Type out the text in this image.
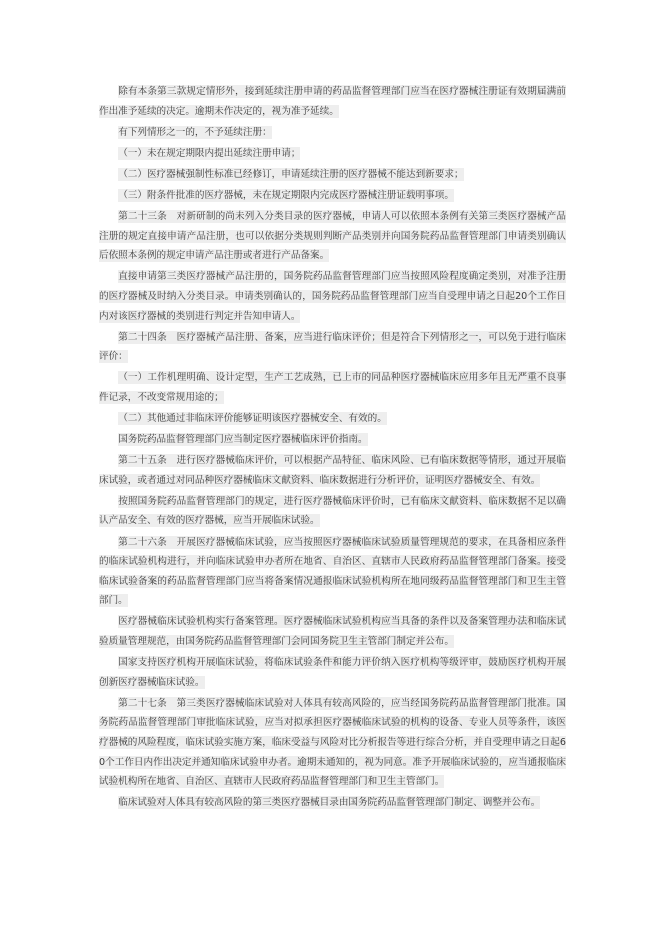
除有本条第三款规定情形外，接到延续注册申请的药品监督管理部门应当在医疗器械注册证有效期届满前作出准予延续的决定。逾期未作决定的，视为准予延续。

有下列情形之一的，不予延续注册：

（一）未在规定期限内提出延续注册申请；

（二）医疗器械强制性标准已经修订，申请延续注册的医疗器械不能达到新要求；

（三）附条件批准的医疗器械，未在规定期限内完成医疗器械注册证载明事项。

第二十三条　对新研制的尚未列入分类目录的医疗器械，申请人可以依照本条例有关第三类医疗器械产品注册的规定直接申请产品注册，也可以依据分类规则判断产品类别并向国务院药品监督管理部门申请类别确认后依照本条例的规定申请产品注册或者进行产品备案。

直接申请第三类医疗器械产品注册的，国务院药品监督管理部门应当按照风险程度确定类别，对准予注册的医疗器械及时纳入分类目录。申请类别确认的，国务院药品监督管理部门应当自受理申请之日起20个工作日内对该医疗器械的类别进行判定并告知申请人。

第二十四条　医疗器械产品注册、备案，应当进行临床评价；但是符合下列情形之一，可以免于进行临床评价：

（一）工作机理明确、设计定型，生产工艺成熟，已上市的同品种医疗器械临床应用多年且无严重不良事件记录，不改变常规用途的；

（二）其他通过非临床评价能够证明该医疗器械安全、有效的。

国务院药品监督管理部门应当制定医疗器械临床评价指南。

第二十五条　进行医疗器械临床评价，可以根据产品特征、临床风险、已有临床数据等情形，通过开展临床试验，或者通过对同品种医疗器械临床文献资料、临床数据进行分析评价，证明医疗器械安全、有效。

按照国务院药品监督管理部门的规定，进行医疗器械临床评价时，已有临床文献资料、临床数据不足以确认产品安全、有效的医疗器械，应当开展临床试验。

第二十六条　开展医疗器械临床试验，应当按照医疗器械临床试验质量管理规范的要求，在具备相应条件的临床试验机构进行，并向临床试验申办者所在地省、自治区、直辖市人民政府药品监督管理部门备案。接受临床试验备案的药品监督管理部门应当将备案情况通报临床试验机构所在地同级药品监督管理部门和卫生主管部门。

医疗器械临床试验机构实行备案管理。医疗器械临床试验机构应当具备的条件以及备案管理办法和临床试验质量管理规范，由国务院药品监督管理部门会同国务院卫生主管部门制定并公布。

国家支持医疗机构开展临床试验，将临床试验条件和能力评价纳入医疗机构等级评审，鼓励医疗机构开展创新医疗器械临床试验。

第二十七条　第三类医疗器械临床试验对人体具有较高风险的，应当经国务院药品监督管理部门批准。国务院药品监督管理部门审批临床试验，应当对拟承担医疗器械临床试验的机构的设备、专业人员等条件，该医疗器械的风险程度，临床试验实施方案，临床受益与风险对比分析报告等进行综合分析，并自受理申请之日起60个工作日内作出决定并通知临床试验申办者。逾期未通知的，视为同意。准予开展临床试验的，应当通报临床试验机构所在地省、自治区、直辖市人民政府药品监督管理部门和卫生主管部门。

临床试验对人体具有较高风险的第三类医疗器械目录由国务院药品监督管理部门制定、调整并公布。
